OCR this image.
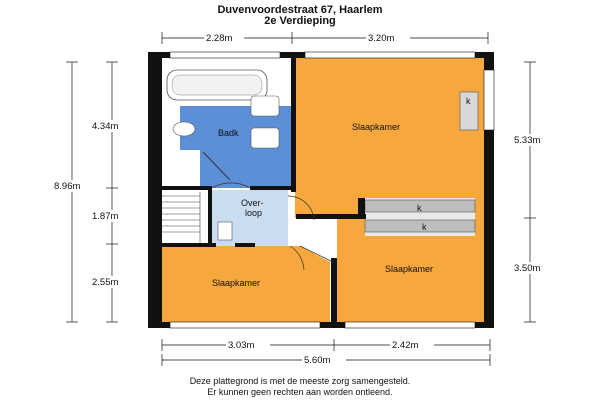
Duvenvoordestraat 67, Haarlem
2e Verdieping
Badk
Slaapkamer
Over-
loop
Slaapkamer
Slaapkamer
k
k
k
2.28m	3.20m
3.03m	2.42m
5.60m
8.96m
4.34m
1.87m
2.55m
5.33m
3.50m
Deze plattegrond is met de meeste zorg samengesteld.
Er kunnen geen rechten aan worden ontleend.
